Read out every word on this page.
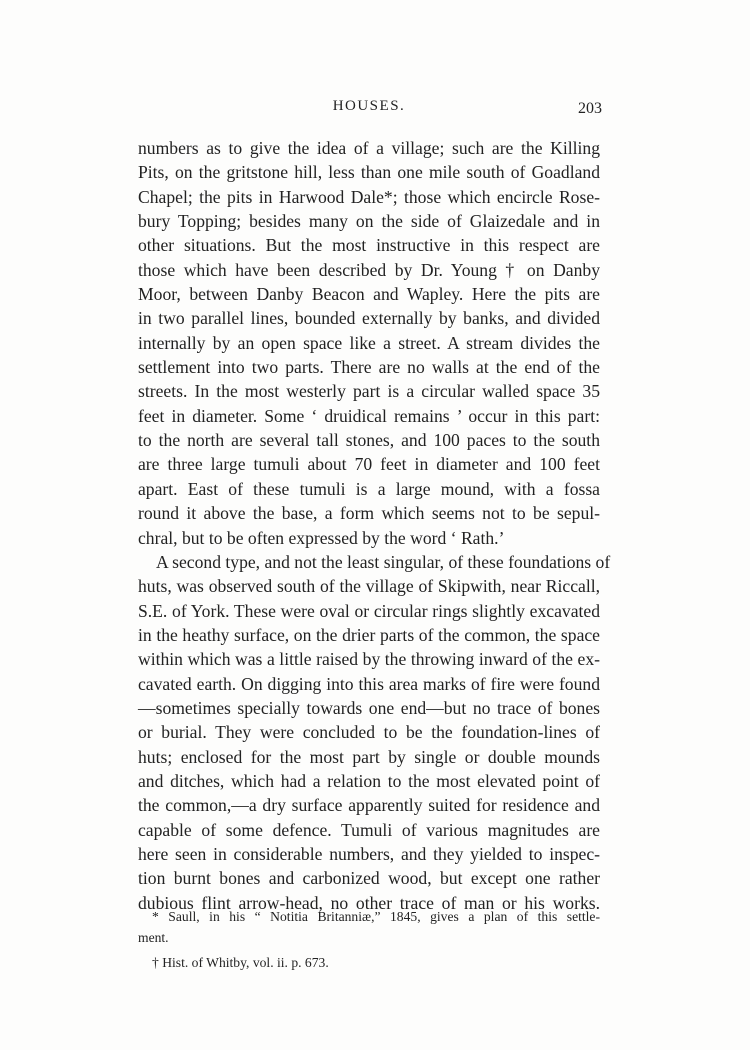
HOUSES.	203
numbers as to give the idea of a village; such are the Killing
Pits, on the gritstone hill, less than one mile south of Goadland
Chapel; the pits in Harwood Dale*; those which encircle Rose-
bury Topping; besides many on the side of Glaizedale and in
other situations. But the most instructive in this respect are
those which have been described by Dr. Young † on Danby
Moor, between Danby Beacon and Wapley. Here the pits are
in two parallel lines, bounded externally by banks, and divided
internally by an open space like a street. A stream divides the
settlement into two parts. There are no walls at the end of the
streets. In the most westerly part is a circular walled space 35
feet in diameter. Some ‘ druidical remains ’ occur in this part:
to the north are several tall stones, and 100 paces to the south
are three large tumuli about 70 feet in diameter and 100 feet
apart. East of these tumuli is a large mound, with a fossa
round it above the base, a form which seems not to be sepul-
chral, but to be often expressed by the word ‘ Rath.’
A second type, and not the least singular, of these foundations of
huts, was observed south of the village of Skipwith, near Riccall,
S.E. of York. These were oval or circular rings slightly excavated
in the heathy surface, on the drier parts of the common, the space
within which was a little raised by the throwing inward of the ex-
cavated earth. On digging into this area marks of fire were found
—sometimes specially towards one end—but no trace of bones
or burial. They were concluded to be the foundation-lines of
huts; enclosed for the most part by single or double mounds
and ditches, which had a relation to the most elevated point of
the common,—a dry surface apparently suited for residence and
capable of some defence. Tumuli of various magnitudes are
here seen in considerable numbers, and they yielded to inspec-
tion burnt bones and carbonized wood, but except one rather
dubious flint arrow-head, no other trace of man or his works.
* Saull, in his “ Notitia Britanniæ,” 1845, gives a plan of this settle-
ment.
† Hist. of Whitby, vol. ii. p. 673.
